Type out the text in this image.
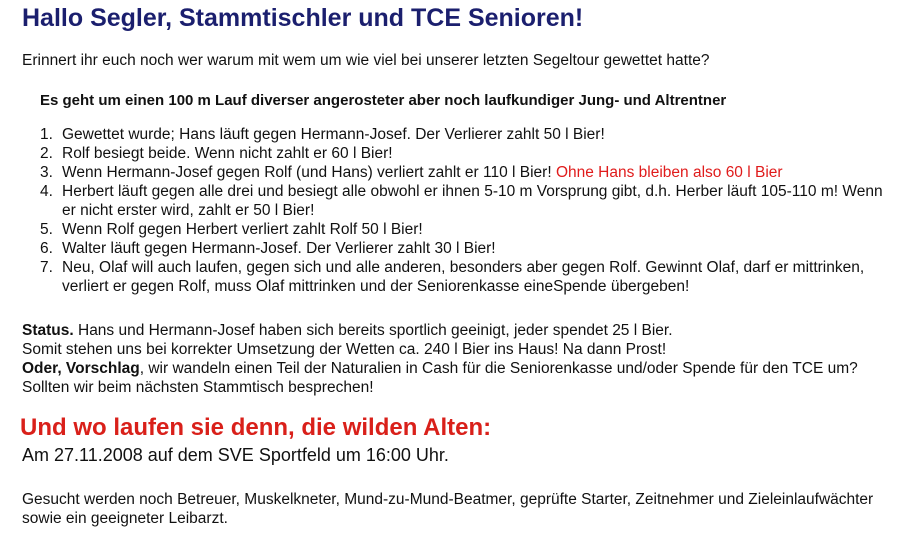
Hallo Segler, Stammtischler und TCE Senioren!
Erinnert ihr euch noch wer warum mit wem um wie viel bei unserer letzten Segeltour gewettet hatte?
Es geht um einen 100 m Lauf diverser angerosteter aber noch laufkundiger Jung- und Altrentner
1. Gewettet wurde; Hans läuft gegen Hermann-Josef. Der Verlierer zahlt 50 l Bier!
2. Rolf besiegt beide. Wenn nicht zahlt er 60 l Bier!
3. Wenn Hermann-Josef gegen Rolf (und Hans) verliert zahlt er 110 l Bier! Ohne Hans bleiben also 60 l Bier
4. Herbert läuft gegen alle drei und besiegt alle obwohl er ihnen 5-10 m Vorsprung gibt, d.h. Herber läuft 105-110 m! Wenn er nicht erster wird, zahlt er 50 l Bier!
5. Wenn Rolf gegen Herbert verliert zahlt Rolf 50 l Bier!
6. Walter läuft gegen Hermann-Josef. Der Verlierer zahlt 30 l Bier!
7. Neu, Olaf will auch laufen, gegen sich und alle anderen, besonders aber gegen Rolf. Gewinnt Olaf, darf er mittrinken, verliert er gegen Rolf, muss Olaf mittrinken und der Seniorenkasse eineSpende übergeben!
Status. Hans und Hermann-Josef haben sich bereits sportlich geeinigt, jeder spendet 25 l Bier.
Somit stehen uns bei korrekter Umsetzung der Wetten ca. 240 l Bier ins Haus! Na dann Prost!
Oder, Vorschlag, wir wandeln einen Teil der Naturalien in Cash für die Seniorenkasse und/oder Spende für den TCE um? Sollten wir beim nächsten Stammtisch besprechen!
Und wo laufen sie denn, die wilden Alten:
Am 27.11.2008 auf dem SVE Sportfeld um 16:00 Uhr.
Gesucht werden noch Betreuer, Muskelkneter, Mund-zu-Mund-Beatmer, geprüfte Starter, Zeitnehmer und Zieleinlaufwächter sowie ein geeigneter Leibarzt.
